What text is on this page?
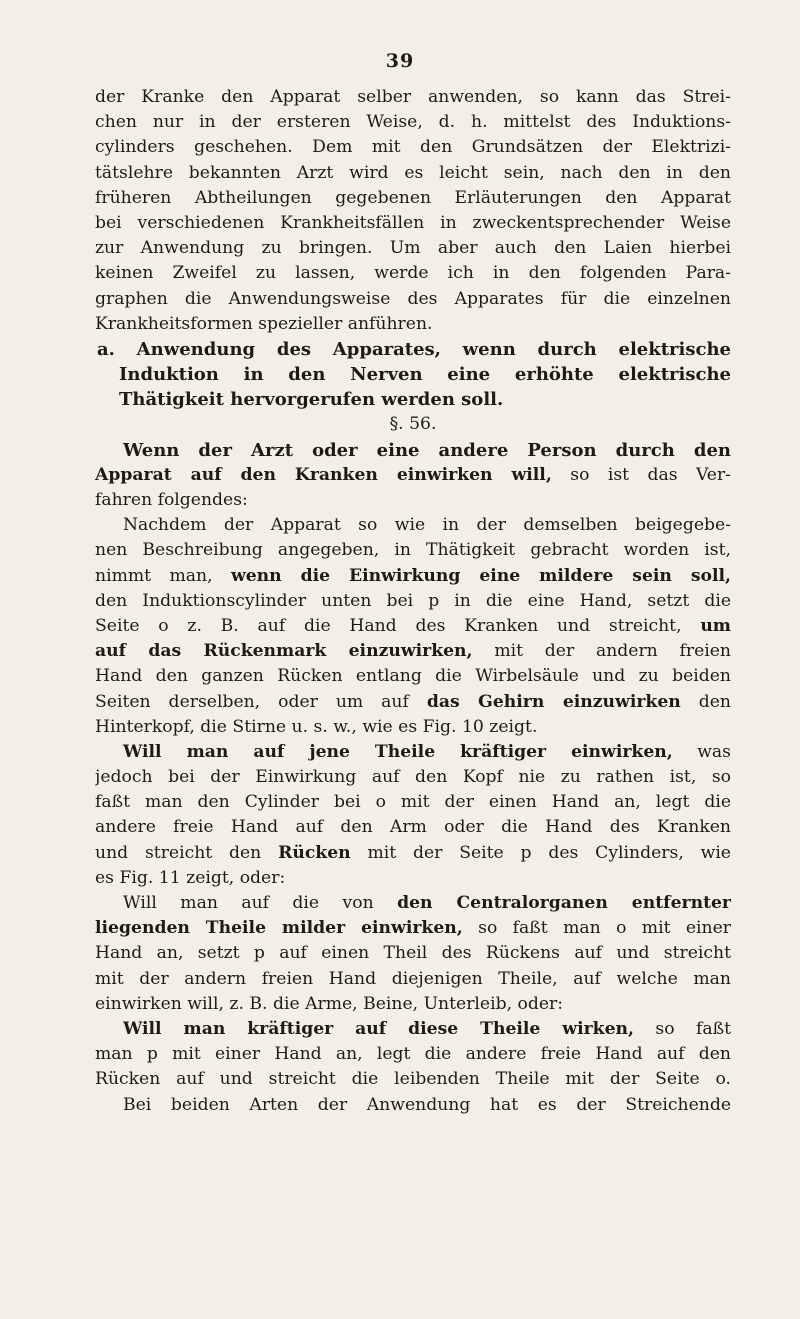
39
der Kranke den Apparat selber anwenden, so kann das Strei-
chen nur in der ersteren Weise, d. h. mittelst des Induktions-
cylinders geschehen. Dem mit den Grundsätzen der Elektrizi-
tätslehre bekannten Arzt wird es leicht sein, nach den in den
früheren Abtheilungen gegebenen Erläuterungen den Apparat
bei verschiedenen Krankheitsfällen in zweckentsprechender Weise
zur Anwendung zu bringen. Um aber auch den Laien hierbei
keinen Zweifel zu lassen, werde ich in den folgenden Para-
graphen die Anwendungsweise des Apparates für die einzelnen
Krankheitsformen spezieller anführen.
a. Anwendung des Apparates, wenn durch elektrische
Induktion in den Nerven eine erhöhte elektrische
Thätigkeit hervorgerufen werden soll.
§. 56.
Wenn der Arzt oder eine andere Person durch den
Apparat auf den Kranken einwirken will, so ist das Ver-
fahren folgendes:
Nachdem der Apparat so wie in der demselben beigegebe-
nen Beschreibung angegeben, in Thätigkeit gebracht worden ist,
nimmt man, wenn die Einwirkung eine mildere sein soll,
den Induktionscylinder unten bei p in die eine Hand, setzt die
Seite o z. B. auf die Hand des Kranken und streicht, um
auf das Rückenmark einzuwirken, mit der andern freien
Hand den ganzen Rücken entlang die Wirbelsäule und zu beiden
Seiten derselben, oder um auf das Gehirn einzuwirken den
Hinterkopf, die Stirne u. s. w., wie es Fig. 10 zeigt.
Will man auf jene Theile kräftiger einwirken, was
jedoch bei der Einwirkung auf den Kopf nie zu rathen ist, so
faßt man den Cylinder bei o mit der einen Hand an, legt die
andere freie Hand auf den Arm oder die Hand des Kranken
und streicht den Rücken mit der Seite p des Cylinders, wie
es Fig. 11 zeigt, oder:
Will man auf die von den Centralorganen entfernter
liegenden Theile milder einwirken, so faßt man o mit einer
Hand an, setzt p auf einen Theil des Rückens auf und streicht
mit der andern freien Hand diejenigen Theile, auf welche man
einwirken will, z. B. die Arme, Beine, Unterleib, oder:
Will man kräftiger auf diese Theile wirken, so faßt
man p mit einer Hand an, legt die andere freie Hand auf den
Rücken auf und streicht die leibenden Theile mit der Seite o.
Bei beiden Arten der Anwendung hat es der Streichende
